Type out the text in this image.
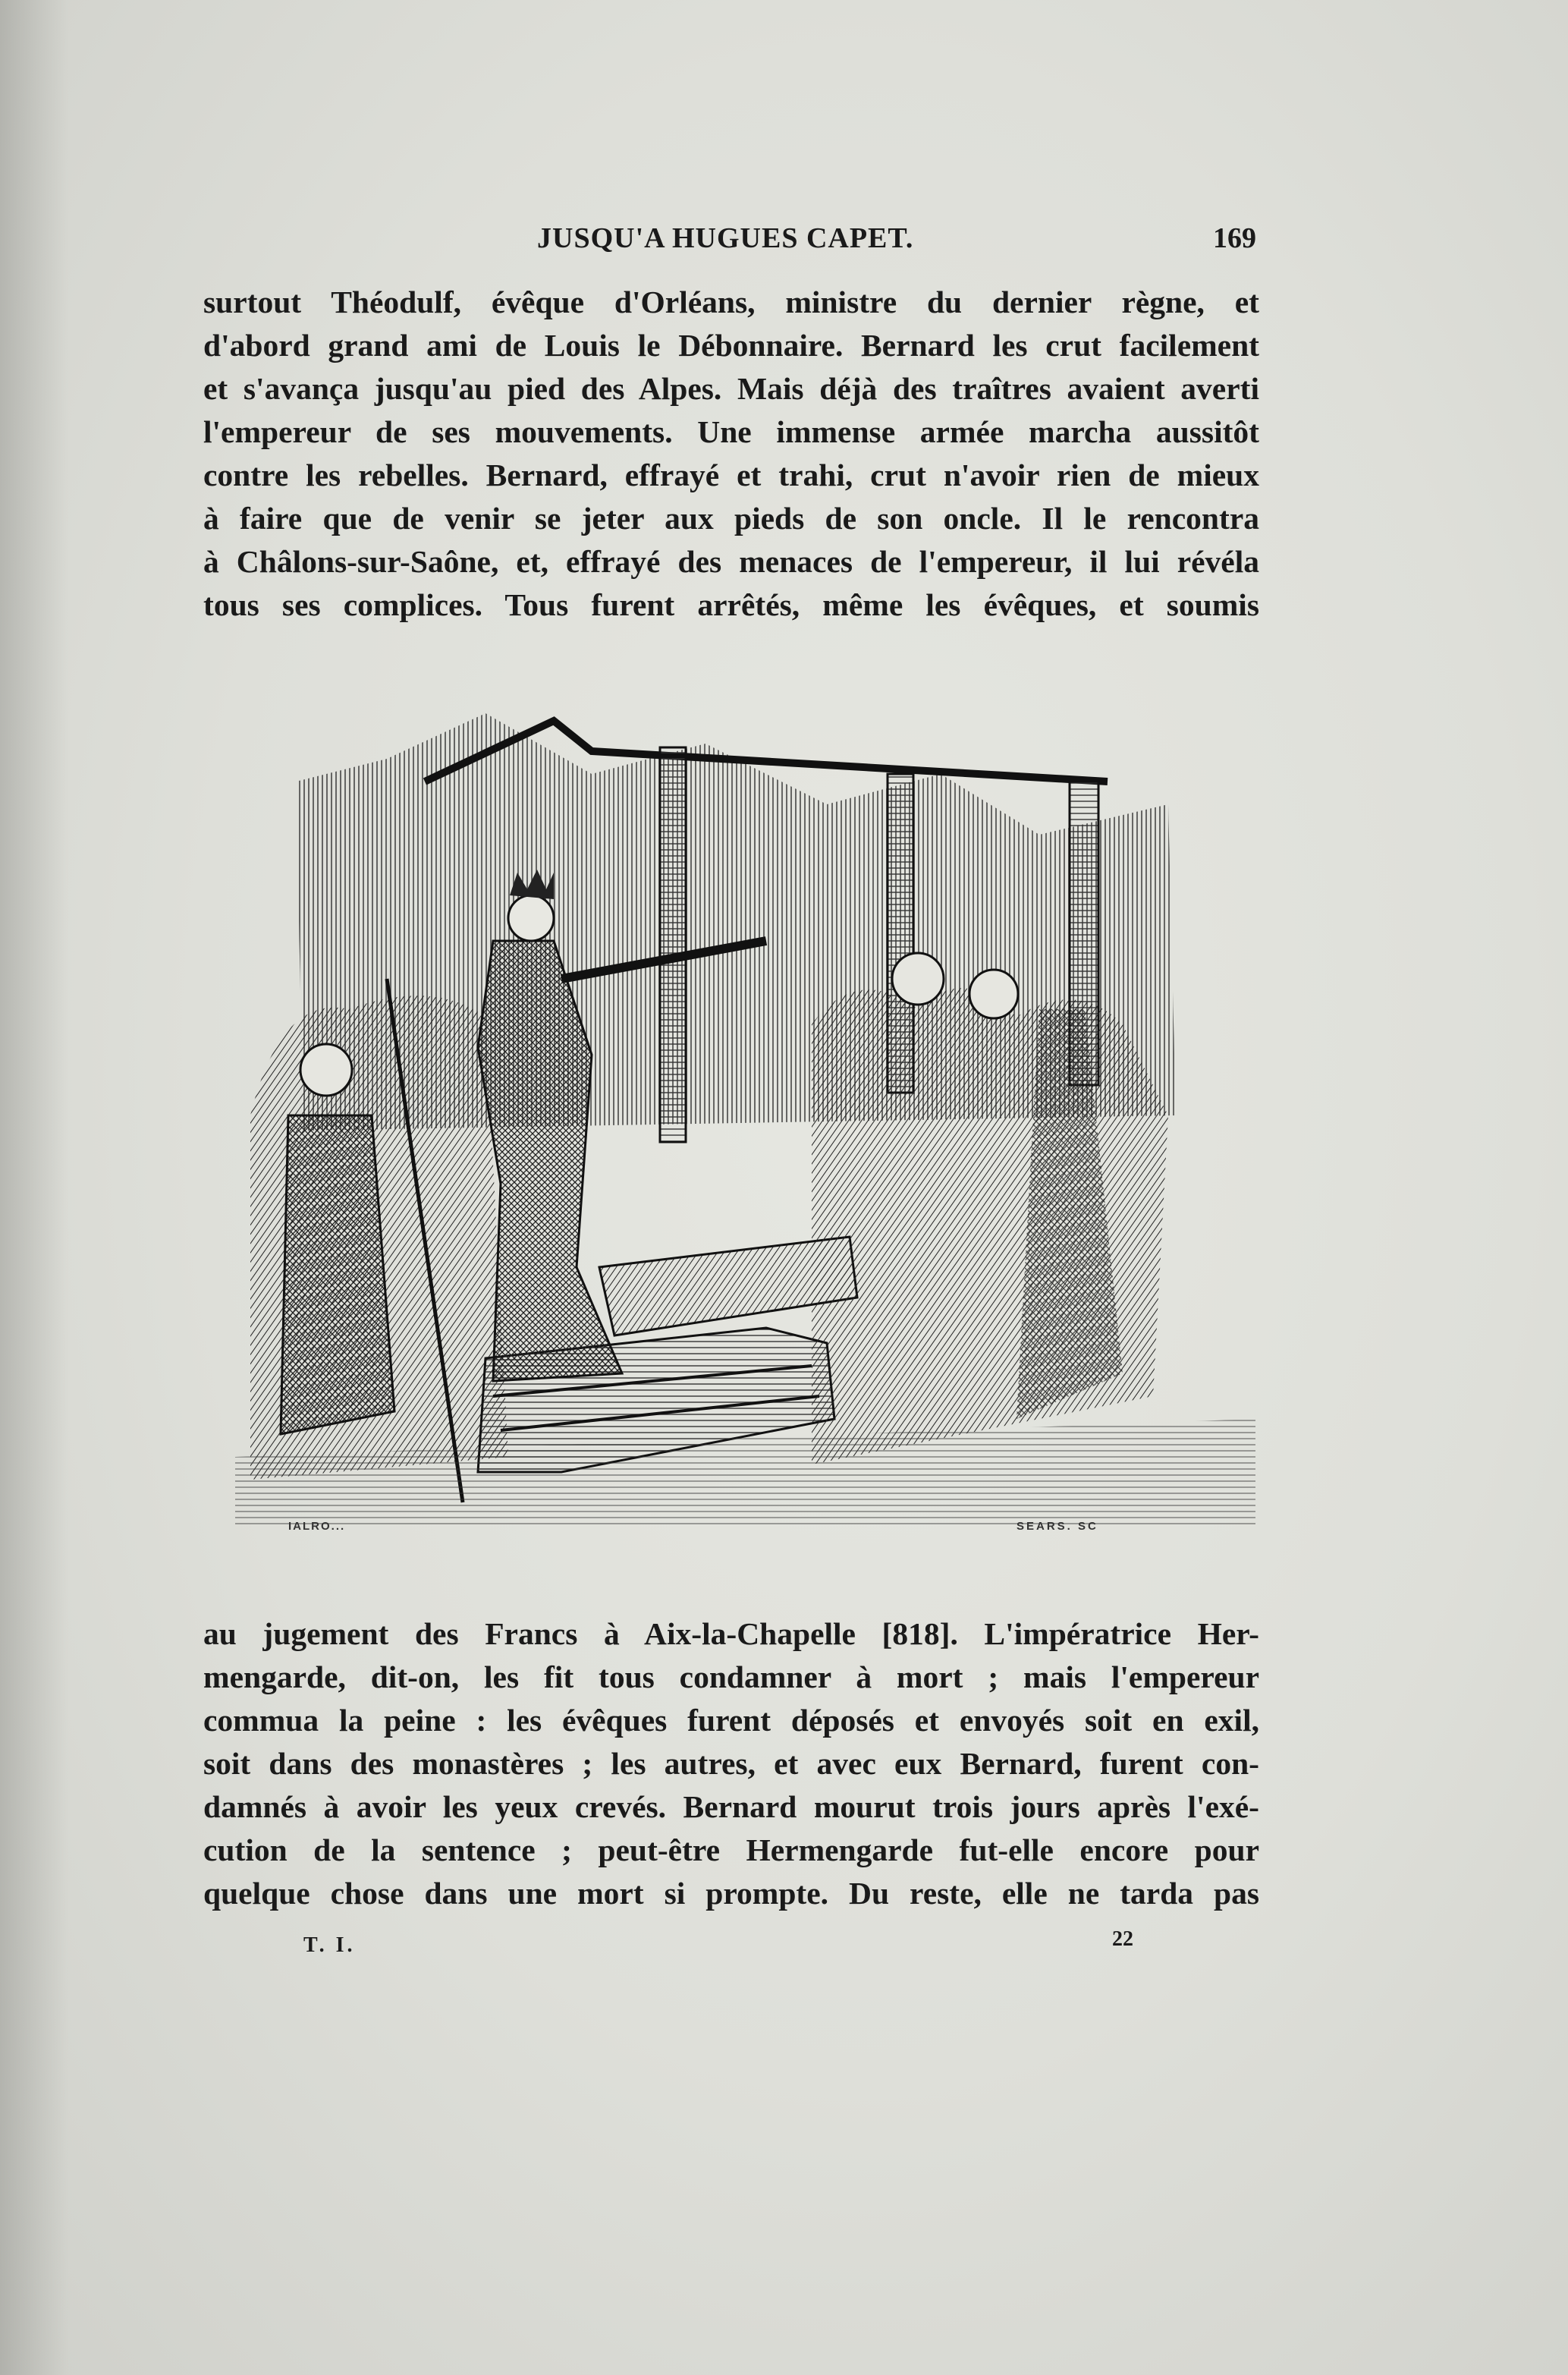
JUSQU'A HUGUES CAPET.	169
surtout Théodulf, évêque d'Orléans, ministre du dernier règne, et
d'abord grand ami de Louis le Débonnaire. Bernard les crut facilement
et s'avança jusqu'au pied des Alpes. Mais déjà des traîtres avaient averti
l'empereur de ses mouvements. Une immense armée marcha aussitôt
contre les rebelles. Bernard, effrayé et trahi, crut n'avoir rien de mieux
à faire que de venir se jeter aux pieds de son oncle. Il le rencontra
à Châlons-sur-Saône, et, effrayé des menaces de l'empereur, il lui révéla
tous ses complices. Tous furent arrêtés, même les évêques, et soumis
IALRO...	SEARS. SC
au jugement des Francs à Aix-la-Chapelle [818]. L'impératrice Her-
mengarde, dit-on, les fit tous condamner à mort ; mais l'empereur
commua la peine : les évêques furent déposés et envoyés soit en exil,
soit dans des monastères ; les autres, et avec eux Bernard, furent con-
damnés à avoir les yeux crevés. Bernard mourut trois jours après l'exé-
cution de la sentence ; peut-être Hermengarde fut-elle encore pour
quelque chose dans une mort si prompte. Du reste, elle ne tarda pas
T. I.	22
